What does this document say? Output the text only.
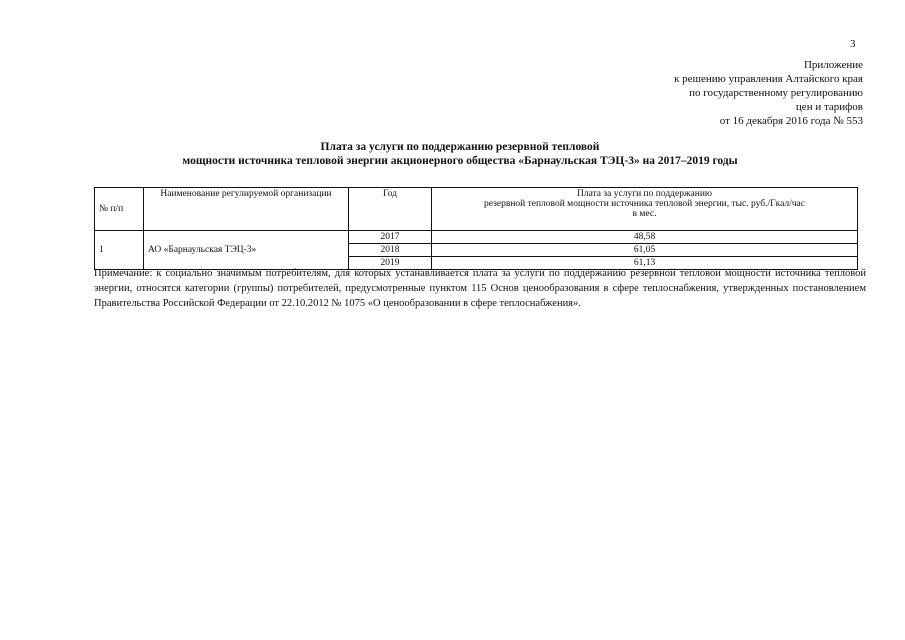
3
Приложение
к решению управления Алтайского края
по государственному регулированию
цен и тарифов
от 16 декабря 2016 года № 553
Плата за услуги по поддержанию резервной тепловой
мощности источника тепловой энергии акционерного общества «Барнаульская ТЭЦ-3» на 2017–2019 годы
№ п/п	Наименование регулируемой организации	Год	Плата за услуги по поддержанию
резервной тепловой мощности источника тепловой энергии, тыс. руб./Гкал/час
в мес.

1	АО «Барнаульская ТЭЦ-3»	2017	48,58
		2018	61,05
		2019	61,13
Примечание: к социально значимым потребителям, для которых устанавливается плата за услуги по поддержанию резервной тепловой мощности источника тепловой энергии, относятся категории (группы) потребителей, предусмотренные пунктом 115 Основ ценообразования в сфере теплоснабжения, утвержденных постановлением Правительства Российской Федерации от 22.10.2012 № 1075 «О ценообразовании в сфере теплоснабжения».
